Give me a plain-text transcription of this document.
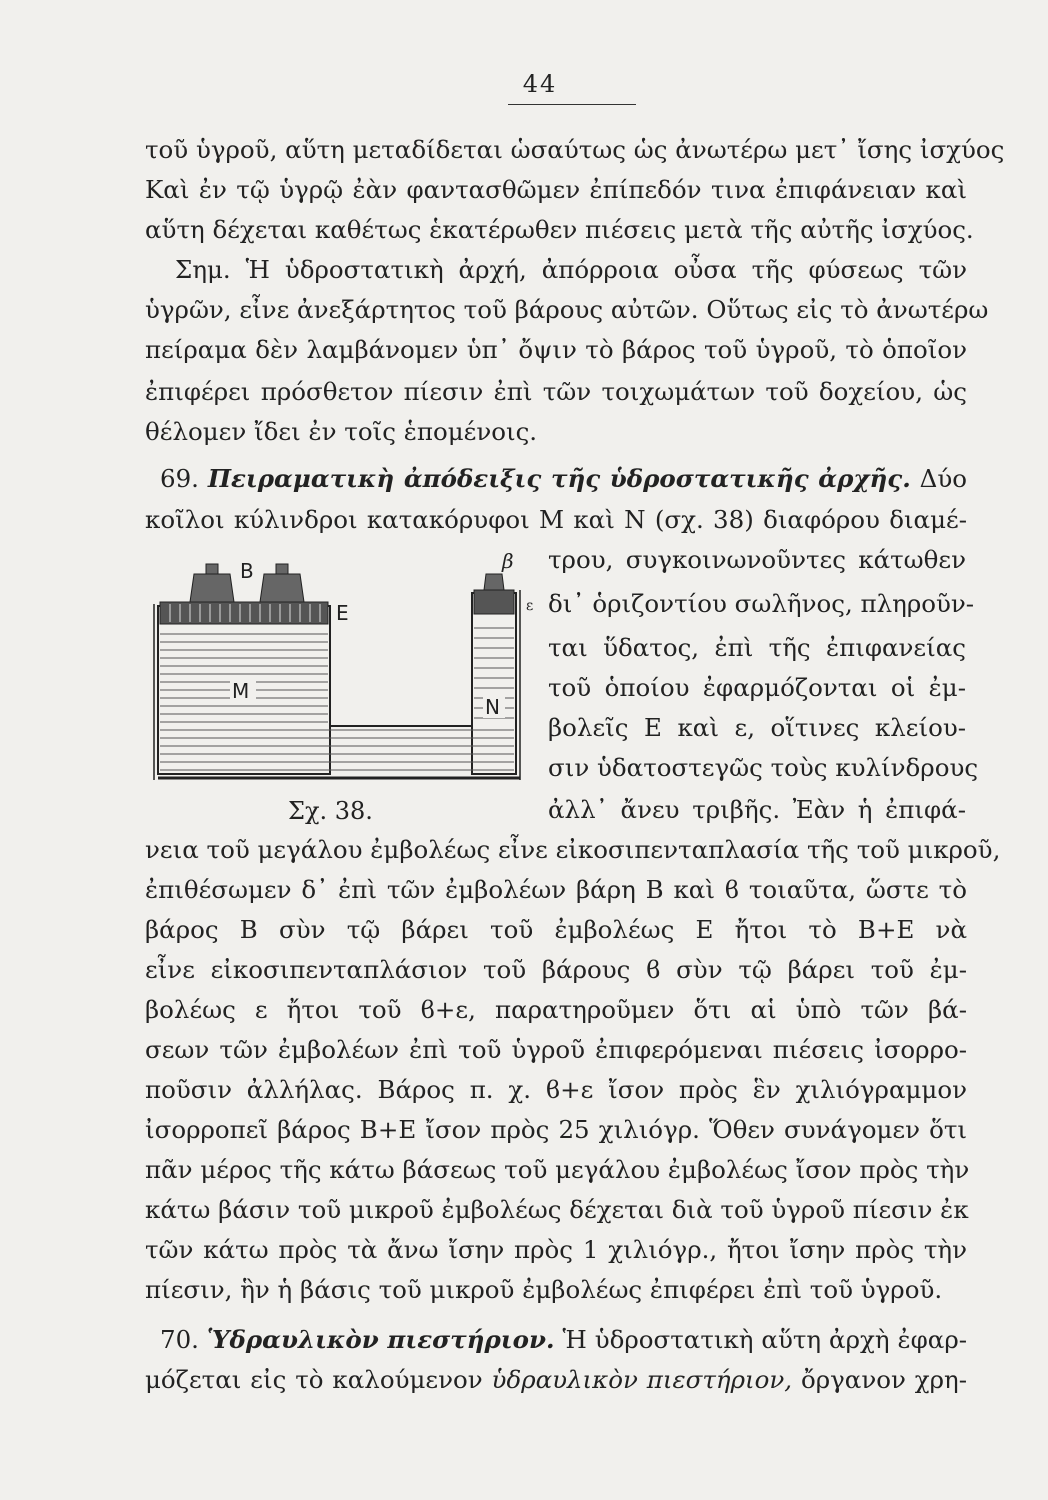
44
τοῦ ὑγροῦ, αὕτη μεταδίδεται ὡσαύτως ὡς ἀνωτέρω μετ᾽ ἴσης ἰσχύος
Καὶ ἐν τῷ ὑγρῷ ἐὰν φαντασθῶμεν ἐπίπεδόν τινα ἐπιφάνειαν καὶ
αὕτη δέχεται καθέτως ἑκατέρωθεν πιέσεις μετὰ τῆς αὐτῆς ἰσχύος.
Σημ. Ἡ ὑδροστατικὴ ἀρχή, ἀπόρροια οὖσα τῆς φύσεως τῶν
ὑγρῶν, εἶνε ἀνεξάρτητος τοῦ βάρους αὐτῶν. Οὕτως εἰς τὸ ἀνωτέρω
πείραμα δὲν λαμβάνομεν ὑπ᾽ ὄψιν τὸ βάρος τοῦ ὑγροῦ, τὸ ὁποῖον
ἐπιφέρει πρόσθετον πίεσιν ἐπὶ τῶν τοιχωμάτων τοῦ δοχείου, ὡς
θέλομεν ἴδει ἐν τοῖς ἑπομένοις.
69. Πειραματικὴ ἀπόδειξις τῆς ὑδροστατικῆς ἀρχῆς. Δύο
κοῖλοι κύλινδροι κατακόρυφοι Μ καὶ Ν (σχ. 38) διαφόρου διαμέ-
τρου, συγκοινωνοῦντες κάτωθεν
δι᾽ ὁριζοντίου σωλῆνος, πληροῦν-
ται ὕδατος, ἐπὶ τῆς ἐπιφανείας
τοῦ ὁποίου ἐφαρμόζονται οἱ ἐμ-
βολεῖς Ε καὶ ε, οἵτινες κλείου-
σιν ὑδατοστεγῶς τοὺς κυλίνδρους
ἀλλ᾽ ἄνευ τριβῆς. Ἐὰν ἡ ἐπιφά-
B
E
β
ε
M
N
Σχ. 38.
νεια τοῦ μεγάλου ἐμβολέως εἶνε εἰκοσιπενταπλασία τῆς τοῦ μικροῦ,
ἐπιθέσωμεν δ᾽ ἐπὶ τῶν ἐμβολέων βάρη Β καὶ ϐ τοιαῦτα, ὥστε τὸ
βάρος Β σὺν τῷ βάρει τοῦ ἐμβολέως Ε ἤτοι τὸ Β+Ε νὰ
εἶνε εἰκοσιπενταπλάσιον τοῦ βάρους ϐ σὺν τῷ βάρει τοῦ ἐμ-
βολέως ε ἤτοι τοῦ ϐ+ε, παρατηροῦμεν ὅτι αἱ ὑπὸ τῶν βά-
σεων τῶν ἐμβολέων ἐπὶ τοῦ ὑγροῦ ἐπιφερόμεναι πιέσεις ἰσορρο-
ποῦσιν ἀλλήλας. Βάρος π. χ. ϐ+ε ἴσον πρὸς ἓν χιλιόγραμμον
ἰσορροπεῖ βάρος Β+Ε ἴσον πρὸς 25 χιλιόγρ. Ὅθεν συνάγομεν ὅτι
πᾶν μέρος τῆς κάτω βάσεως τοῦ μεγάλου ἐμβολέως ἴσον πρὸς τὴν
κάτω βάσιν τοῦ μικροῦ ἐμβολέως δέχεται διὰ τοῦ ὑγροῦ πίεσιν ἐκ
τῶν κάτω πρὸς τὰ ἄνω ἴσην πρὸς 1 χιλιόγρ., ἤτοι ἴσην πρὸς τὴν
πίεσιν, ἣν ἡ βάσις τοῦ μικροῦ ἐμβολέως ἐπιφέρει ἐπὶ τοῦ ὑγροῦ.
70. Ὑδραυλικὸν πιεστήριον. Ἡ ὑδροστατικὴ αὕτη ἀρχὴ ἐφαρ-
μόζεται εἰς τὸ καλούμενον ὑδραυλικὸν πιεστήριον, ὄργανον χρη-
